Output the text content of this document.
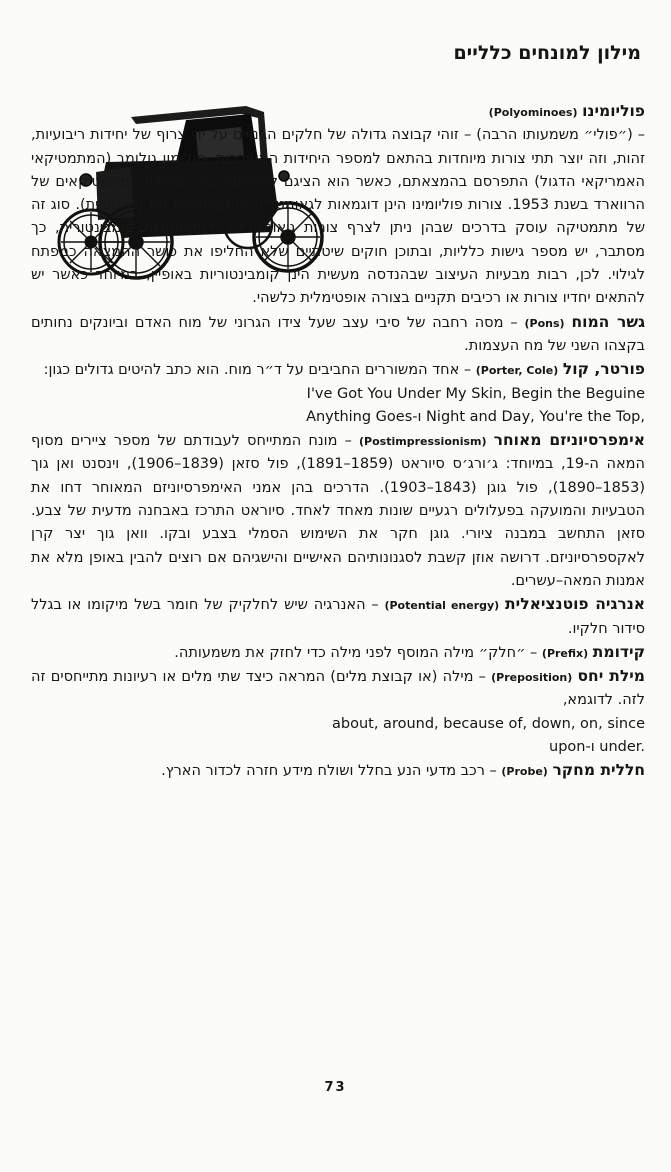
מילון למונחים כלליים

פוליומינו (Polyominoes)
– (״פולי״ משמעותו הרבה) – זוהי קבוצה גדולה של חלקים הבנויים על ידי צרוף של יחידות ריבועיות, זהות, וזה יוצר תתי צורות מיוחדות בהתאם למספר היחידות המעורבות. סולומון גולומב (המתמטיקאי האמריקאי הדגול) התפרסם בהמצאתם, כאשר הוא הציגם לראשונה בפני מועדון המתמטיקאים של הרווארד בשנת 1953. צורות פוליומינו הינן דוגמאות לגאומטריה קומבינטורית (או מיחשובית). סוג זה של מתמטיקה עוסק בדרכים שבהן ניתן לצרף צורות גיאומטריות. לגיאומטריה קומבינטורית, כך מסתבר, יש מספר גישות כלליות, ובתוכן חוקים שיטתיים שלא החליפו את כושר ההמצאה כמפתח לגילוי. לכן, רבות מבעיות העיצוב שבהנדסה מעשית הינן קומבינטוריות באופיין, במיוחד כאשר יש להתאים יחדיו צורות או רכיבים תקניים בצורה אופטימלית כלשהי.

גשר המוח (Pons) – מסה רחבה של סיבי עצב שעל צידו הגרוני של מוח האדם וביונקים נחותים בקצהו השני של מח העצמות.

פורטר, קול (Porter, Cole) – אחד המשוררים החביבים על ד״ר מוח. הוא כתב להיטים גדולים כגון:
I've Got You Under My Skin, Begin the Beguine
Anything Goes-ו Night and Day, You're the Top,

אימפרסיוניזם מאוחר (Postimpressionism) – מונח המתייחס לעבודתם של מספר ציירים מסוף המאה ה-19, במיוחד: ג׳ורג׳ס סיוראט (1859–1891), פול סזאן (1839–1906), וינסנט ואן גוך (1853–1890), פול גוגן (1843–1903). הדרכים בהן אמני האימפרסיוניזם המאוחר דחו את הטבעיות והמועקה בפעלולים רגעיים שונות מאחד לאחד. סיוראט התרכז באבחנה מדעית של צבע. סזאן התחשב במבנה ציורי. גוגן חקר את השימוש הסמלי בצבע ובקו. וואן גוך יצר קרן לאקספרסיוניזם. דרושה אוזן קשבת לסגנונותיהם האישיים והישגיהם אם רוצים להבין באופן מלא את אמנות המאה–עשרים.

אנרגיה פוטנציאלית (Potential energy) – האנרגיה שיש לחלקיק של חומר בשל מיקומו או בגלל סידור חלקיו.

קידומת (Prefix) – ״חלק״ מילה המוסף לפני מילה כדי לחזק את משמעותה.

מילת יחס (Preposition) – מילה (או קבוצת מלים) המראה כיצד שתי מלים או רעיונות מתייחסים זה לזה. לדוגמא,
about, around, because of, down, on, since
upon-ו under.

חללית מחקר (Probe) – רכב מדעי הנע בחלל ושולח מידע חזרה לכדור הארץ.

73
